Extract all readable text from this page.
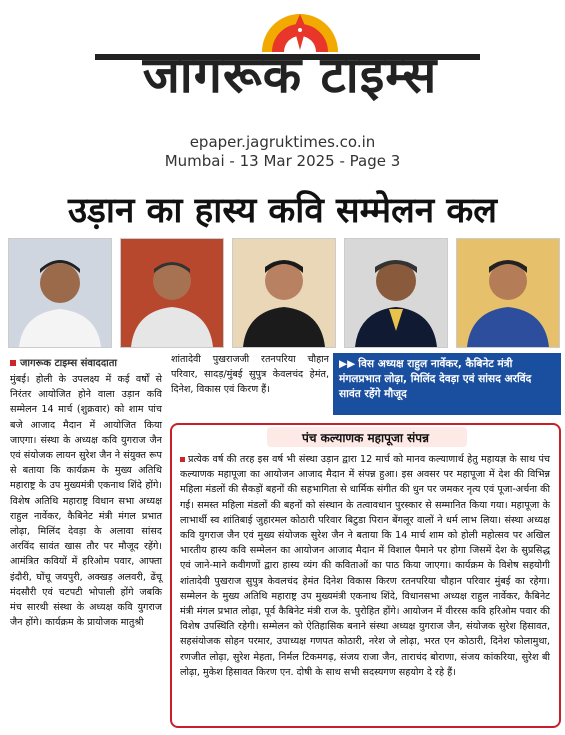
जागरूक टाइम्स
epaper.jagruktimes.co.in
Mumbai - 13 Mar 2025 - Page 3
उड़ान का हास्य कवि सम्मेलन कल
जागरूक टाइम्स संवाददाता
मुंबई। होली के उपलक्ष्य में कई वर्षों से निरंतर आयोजित होने वाला उड़ान कवि सम्मेलन 14 मार्च (शुक्रवार) को शाम पांच बजे आजाद मैदान में आयोजित किया जाएगा। संस्था के अध्यक्ष कवि युगराज जैन एवं संयोजक लायन सुरेश जैन ने संयुक्त रूप से बताया कि कार्यक्रम के मुख्य अतिथि महाराष्ट्र के उप मुख्यमंत्री एकनाथ शिंदे होंगे। विशेष अतिथि महाराष्ट्र विधान सभा अध्यक्ष राहुल नार्वेकर, कैबिनेट मंत्री मंगल प्रभात लोढ़ा, मिलिंद देवड़ा के अलावा सांसद अरविंद सावंत खास तौर पर मौजूद रहेंगे। आमंत्रित कवियों में हरिओम पवार, आफ्ता इंदौरी, घोंचू जयपुरी, अक्खड़ अलवरी, ढेंचू मंदसौरी एवं चटपटी भोपाली होंगे जबकि मंच सारथी संस्था के अध्यक्ष कवि युगराज जैन होंगे। कार्यक्रम के प्रायोजक मातुश्री
शांतादेवी पुखराजजी रतनपरिया चौहान परिवार, सादड़/मुंबई सुपुत्र केवलचंद हेमंत, दिनेश, विकास एवं किरण हैं।
▶▶ विस अध्यक्ष राहुल नार्वेकर, कैबिनेट मंत्री मंगलप्रभात लोढ़ा, मिलिंद देवड़ा एवं सांसद अरविंद सावंत रहेंगे मौजूद
पंच कल्याणक महापूजा संपन्न
प्रत्येक वर्ष की तरह इस वर्ष भी संस्था उड़ान द्वारा 12 मार्च को मानव कल्याणार्थ हेतु महायज्ञ के साथ पंच कल्याणक महापूजा का आयोजन आजाद मैदान में संपन्न हुआ। इस अवसर पर महापूजा में देश की विभिन्न महिला मंडलों की सैकड़ों बहनों की सहभागिता से धार्मिक संगीत की धुन पर जमकर नृत्य एवं पूजा-अर्चना की गई। समस्त महिला मंडलों की बहनों को संस्थान के तत्वावधान पुरस्कार से सम्मानित किया गया। महापूजा के लाभार्थी स्व शांतिबाई जुहारमल कोठारी परिवार बिटुडा पिरान बेंगलूर वालों ने धर्म लाभ लिया। संस्था अध्यक्ष कवि युगराज जैन एवं मुख्य संयोजक सुरेश जैन ने बताया कि 14 मार्च शाम को होली महोत्सव पर अखिल भारतीय हास्य कवि सम्मेलन का आयोजन आजाद मैदान में विशाल पैमाने पर होगा जिसमें देश के सुप्रसिद्ध एवं जाने-माने कवीगणों द्वारा हास्य व्यंग की कविताओं का पाठ किया जाएगा। कार्यक्रम के विशेष सहयोगी शांतादेवी पुखराज सुपुत्र केवलचंद हेमंत दिनेश विकास किरण रतनपरिया चौहान परिवार मुंबई का रहेगा। सम्मेलन के मुख्य अतिथि महाराष्ट्र उप मुख्यमंत्री एकनाथ शिंदे, विधानसभा अध्यक्ष राहुल नार्वेकर, कैबिनेट मंत्री मंगल प्रभात लोढ़ा, पूर्व कैबिनेट मंत्री राज के. पुरोहित होंगे। आयोजन में वीररस कवि हरिओम पवार की विशेष उपस्थिति रहेगी। सम्मेलन को ऐतिहासिक बनाने संस्था अध्यक्ष युगराज जैन, संयोजक सुरेश हिसावत, सहसंयोजक सोहन परमार, उपाध्यक्ष गणपत कोठारी, नरेश जे लोढ़ा, भरत एन कोठारी, दिनेश फोलामुथा, रणजीत लोढ़ा, सुरेश मेहता, निर्मल टिकमगढ़, संजय राजा जैन, ताराचंद बोराणा, संजय कांकरिया, सुरेश बी लोढ़ा, मुकेश हिसावत किरण एन. दोषी के साथ सभी सदस्यगण सहयोग दे रहे हैं।
